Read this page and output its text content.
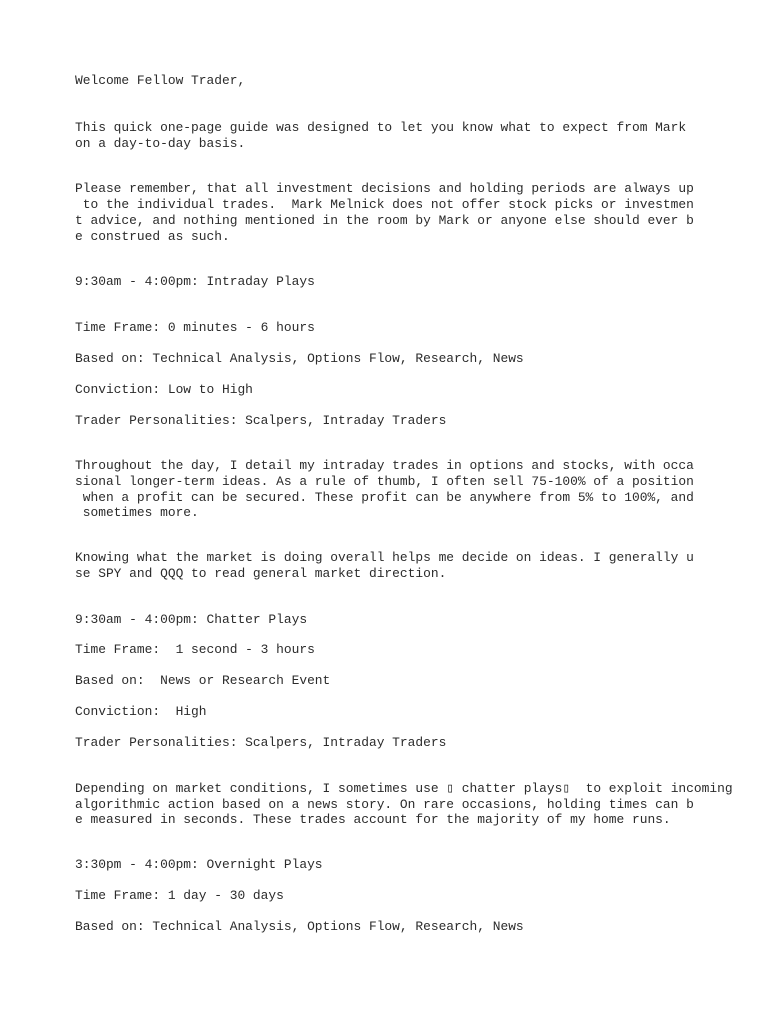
Welcome Fellow Trader,

This quick one-page guide was designed to let you know what to expect from Mark

on a day-to-day basis.

Please remember, that all investment decisions and holding periods are always up

to the individual trades.  Mark Melnick does not offer stock picks or investmen

t advice, and nothing mentioned in the room by Mark or anyone else should ever b

e construed as such.

9:30am - 4:00pm: Intraday Plays

Time Frame: 0 minutes - 6 hours

Based on: Technical Analysis, Options Flow, Research, News

Conviction: Low to High

Trader Personalities: Scalpers, Intraday Traders

Throughout the day, I detail my intraday trades in options and stocks, with occa

sional longer-term ideas. As a rule of thumb, I often sell 75-100% of a position

when a profit can be secured. These profit can be anywhere from 5% to 100%, and

sometimes more.

Knowing what the market is doing overall helps me decide on ideas. I generally u

se SPY and QQQ to read general market direction.

9:30am - 4:00pm: Chatter Plays

Time Frame:  1 second - 3 hours

Based on:  News or Research Event

Conviction:  High

Trader Personalities: Scalpers, Intraday Traders

Depending on market conditions, I sometimes use ▯ chatter plays▯  to exploit incoming

algorithmic action based on a news story. On rare occasions, holding times can b

e measured in seconds. These trades account for the majority of my home runs.

3:30pm - 4:00pm: Overnight Plays

Time Frame: 1 day - 30 days

Based on: Technical Analysis, Options Flow, Research, News
